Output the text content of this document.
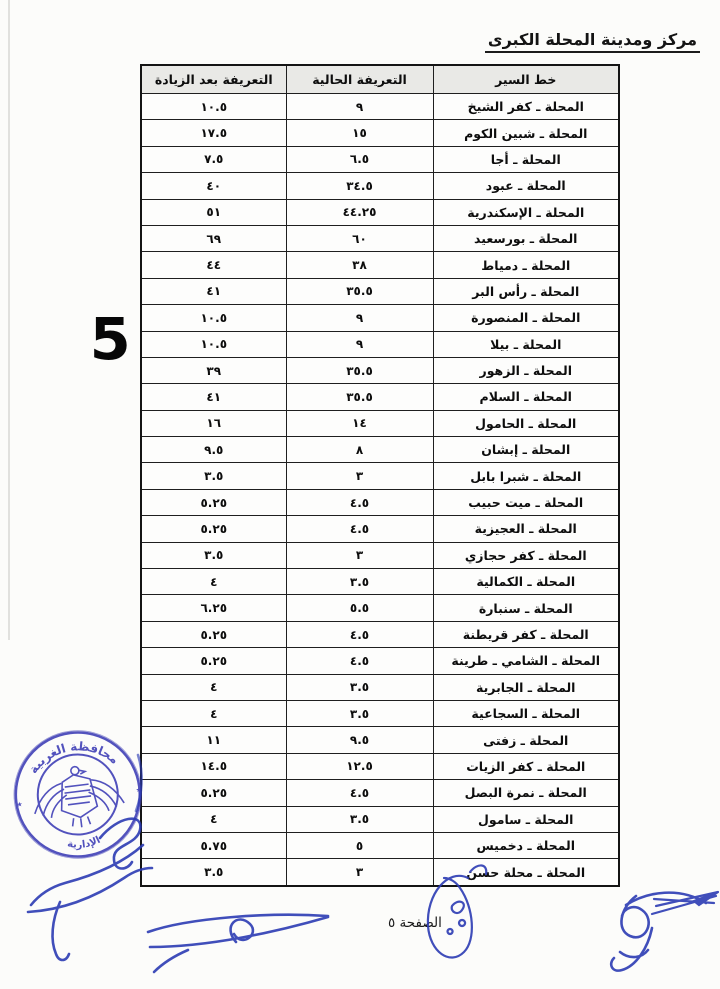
مركز ومدينة المحلة الكبرى
خط السير	التعريفة الحالية	التعريفة بعد الزيادة
المحلة ـ كفر الشيخ	٩	١٠.٥
المحلة ـ شبين الكوم	١٥	١٧.٥
المحلة ـ أجا	٦.٥	٧.٥
المحلة ـ عبود	٣٤.٥	٤٠
المحلة ـ الإسكندرية	٤٤.٢٥	٥١
المحلة ـ بورسعيد	٦٠	٦٩
المحلة ـ دمياط	٣٨	٤٤
المحلة ـ رأس البر	٣٥.٥	٤١
المحلة ـ المنصورة	٩	١٠.٥
المحلة ـ بيلا	٩	١٠.٥
المحلة ـ الزهور	٣٥.٥	٣٩
المحلة ـ السلام	٣٥.٥	٤١
المحلة ـ الحامول	١٤	١٦
المحلة ـ إبشان	٨	٩.٥
المحلة ـ شبرا بابل	٣	٣.٥
المحلة ـ ميت حبيب	٤.٥	٥.٢٥
المحلة ـ العجيزية	٤.٥	٥.٢٥
المحلة ـ كفر حجازي	٣	٣.٥
المحلة ـ الكمالية	٣.٥	٤
المحلة ـ سنبارة	٥.٥	٦.٢٥
المحلة ـ كفر قريطنة	٤.٥	٥.٢٥
المحلة ـ الشامي ـ طرينة	٤.٥	٥.٢٥
المحلة ـ الجابرية	٣.٥	٤
المحلة ـ السجاعية	٣.٥	٤
المحلة ـ زفتى	٩.٥	١١
المحلة ـ كفر الزيات	١٢.٥	١٤.٥
المحلة ـ نمرة البصل	٤.٥	٥.٢٥
المحلة ـ سامول	٣.٥	٤
المحلة ـ دخميس	٥	٥.٧٥
المحلة ـ محلة حسن	٣	٣.٥
5
الصفحة ٥
محافظة الغربية
الإدارية
٭
٭
